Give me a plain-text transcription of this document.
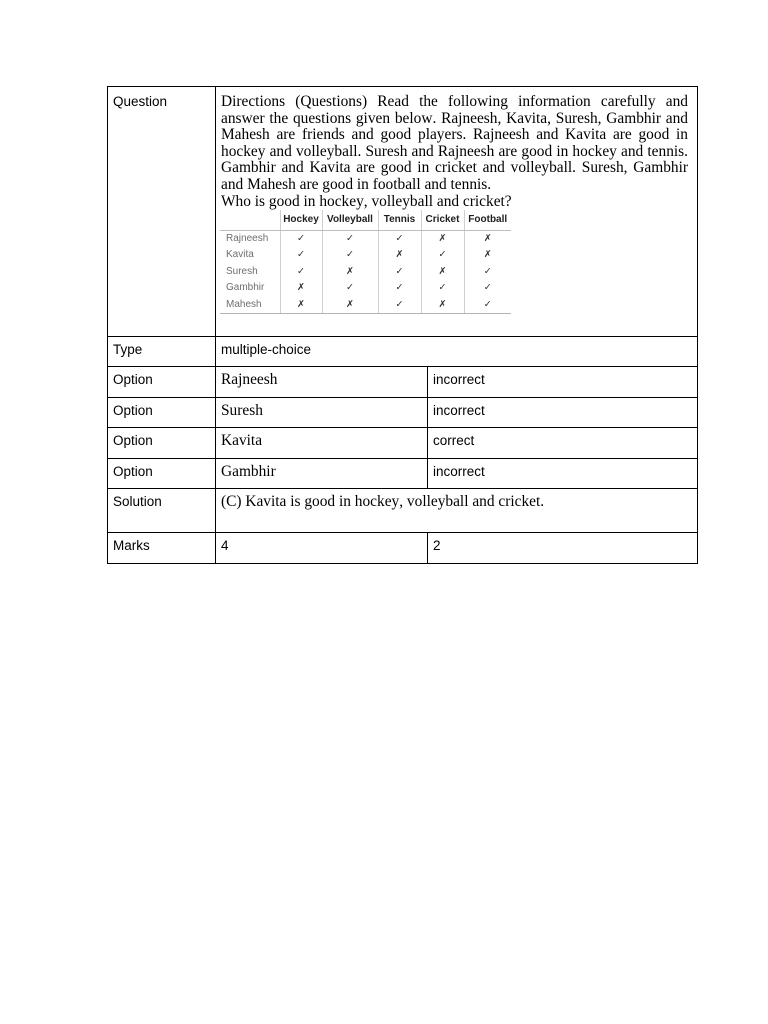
Question	Directions (Questions) Read the following information carefully and answer the questions given below. Rajneesh, Kavita, Suresh, Gambhir and Mahesh are friends and good players. Rajneesh and Kavita are good in hockey and volleyball. Suresh and Rajneesh are good in hockey and tennis. Gambhir and Kavita are good in cricket and volleyball. Suresh, Gambhir and Mahesh are good in football and tennis.
Who is good in hockey, volleyball and cricket?
	Hockey	Volleyball	Tennis	Cricket	Football
Rajneesh	✓	✓	✓	✗	✗
Kavita	✓	✓	✗	✓	✗
Suresh	✓	✗	✓	✗	✓
Gambhir	✗	✓	✓	✓	✓
Mahesh	✗	✗	✓	✗	✓
Type	multiple-choice
Option	Rajneesh	incorrect
Option	Suresh	incorrect
Option	Kavita	correct
Option	Gambhir	incorrect
Solution	(C) Kavita is good in hockey, volleyball and cricket.
Marks	4	2
